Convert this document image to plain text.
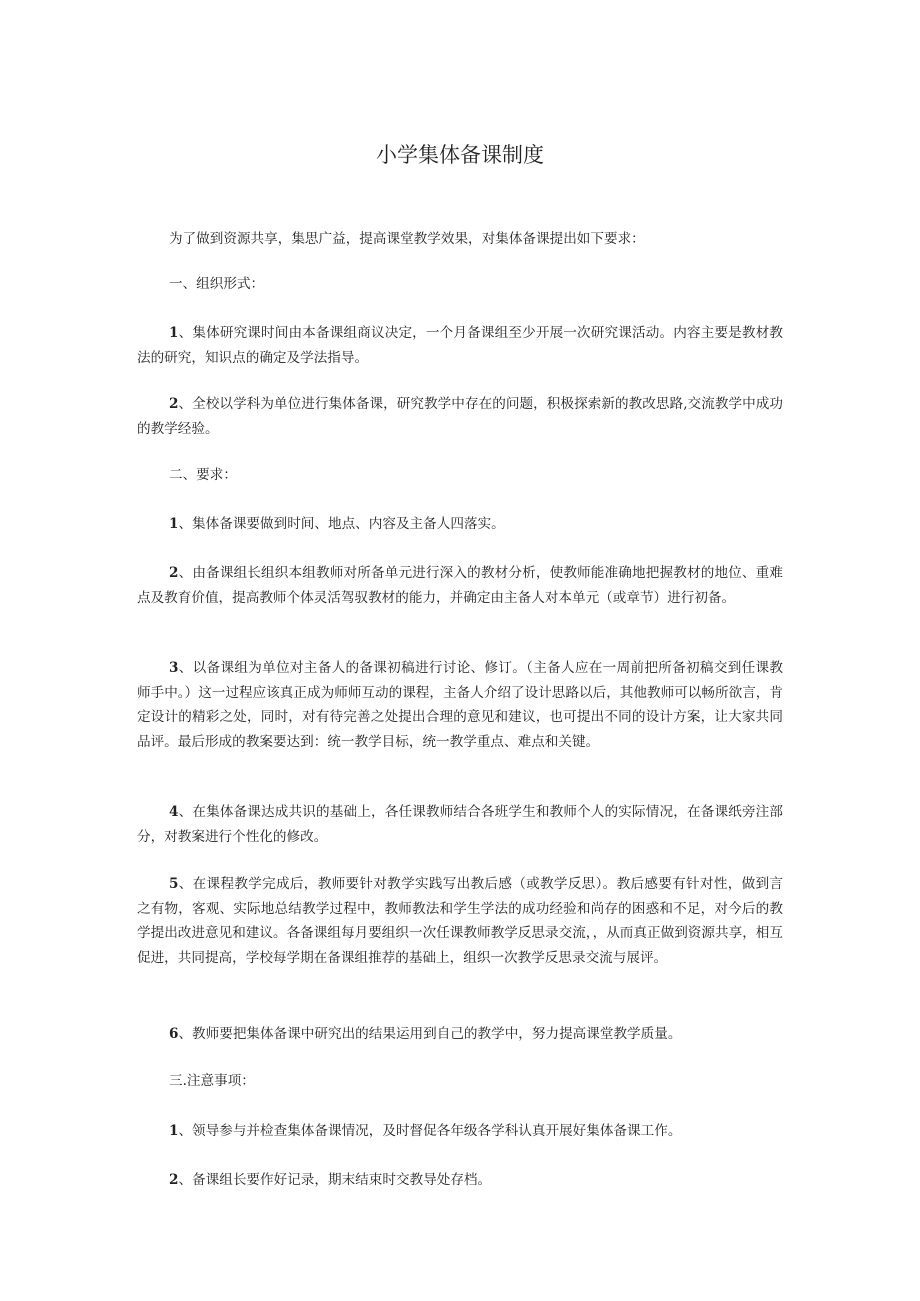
小学集体备课制度

为了做到资源共享，集思广益，提高课堂教学效果，对集体备课提出如下要求：

一、组织形式：

1、集体研究课时间由本备课组商议决定，一个月备课组至少开展一次研究课活动。内容主要是教材教法的研究，知识点的确定及学法指导。

2、全校以学科为单位进行集体备课，研究教学中存在的问题，积极探索新的教改思路,交流教学中成功的教学经验。

二、要求：

1、集体备课要做到时间、地点、内容及主备人四落实。

2、由备课组长组织本组教师对所备单元进行深入的教材分析，使教师能准确地把握教材的地位、重难点及教育价值，提高教师个体灵活驾驭教材的能力，并确定由主备人对本单元（或章节）进行初备。

3、以备课组为单位对主备人的备课初稿进行讨论、修订。（主备人应在一周前把所备初稿交到任课教师手中。）这一过程应该真正成为师师互动的课程，主备人介绍了设计思路以后，其他教师可以畅所欲言，肯定设计的精彩之处，同时，对有待完善之处提出合理的意见和建议，也可提出不同的设计方案，让大家共同品评。最后形成的教案要达到：统一教学目标，统一教学重点、难点和关键。

4、在集体备课达成共识的基础上，各任课教师结合各班学生和教师个人的实际情况，在备课纸旁注部分，对教案进行个性化的修改。

5、在课程教学完成后，教师要针对教学实践写出教后感（或教学反思）。教后感要有针对性，做到言之有物，客观、实际地总结教学过程中，教师教法和学生学法的成功经验和尚存的困惑和不足，对今后的教学提出改进意见和建议。各备课组每月要组织一次任课教师教学反思录交流，，从而真正做到资源共享，相互促进，共同提高，学校每学期在备课组推荐的基础上，组织一次教学反思录交流与展评。

6、教师要把集体备课中研究出的结果运用到自己的教学中，努力提高课堂教学质量。

三.注意事项：

1、领导参与并检查集体备课情况，及时督促各年级各学科认真开展好集体备课工作。

2、备课组长要作好记录，期末结束时交教导处存档。
